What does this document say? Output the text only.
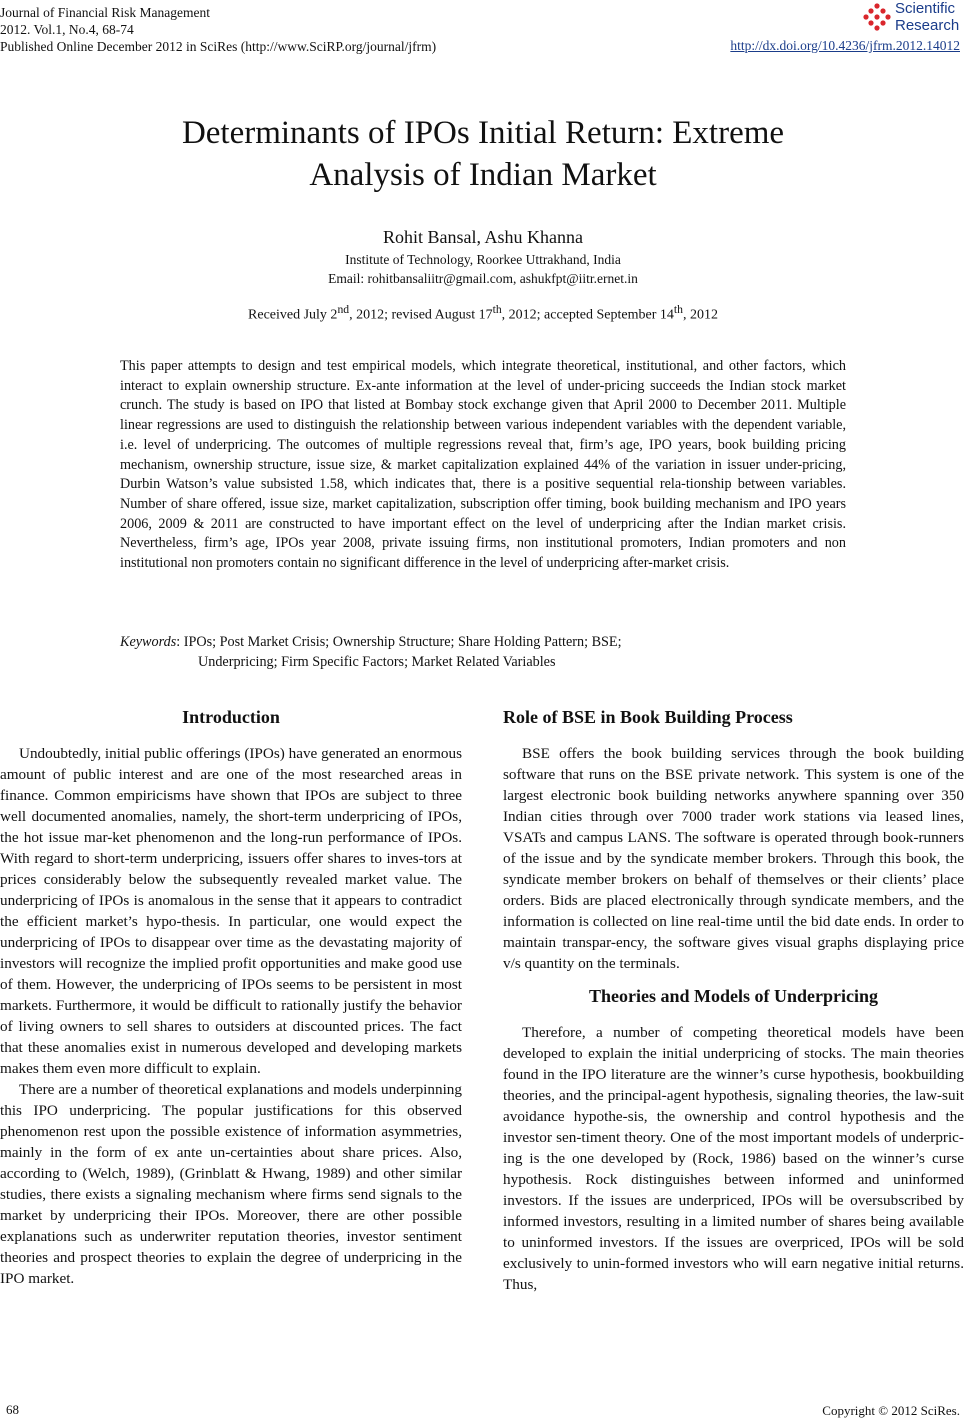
Journal of Financial Risk Management
2012. Vol.1, No.4, 68-74
Published Online December 2012 in SciRes (http://www.SciRP.org/journal/jfrm)
Scientific
Research
http://dx.doi.org/10.4236/jfrm.2012.14012
Determinants of IPOs Initial Return: Extreme
Analysis of Indian Market
Rohit Bansal, Ashu Khanna
Institute of Technology, Roorkee Uttrakhand, India
Email: rohitbansaliitr@gmail.com, ashukfpt@iitr.ernet.in
Received July 2nd, 2012; revised August 17th, 2012; accepted September 14th, 2012
This paper attempts to design and test empirical models, which integrate theoretical, institutional, and other factors, which interact to explain ownership structure. Ex-ante information at the level of under-pricing succeeds the Indian stock market crunch. The study is based on IPO that listed at Bombay stock exchange given that April 2000 to December 2011. Multiple linear regressions are used to distinguish the relationship between various independent variables with the dependent variable, i.e. level of underpricing. The outcomes of multiple regressions reveal that, firm’s age, IPO years, book building pricing mechanism, ownership structure, issue size, & market capitalization explained 44% of the variation in issuer under-pricing, Durbin Watson’s value subsisted 1.58, which indicates that, there is a positive sequential rela-tionship between variables. Number of share offered, issue size, market capitalization, subscription offer timing, book building mechanism and IPO years 2006, 2009 & 2011 are constructed to have important effect on the level of underpricing after the Indian market crisis. Nevertheless, firm’s age, IPOs year 2008, private issuing firms, non institutional promoters, Indian promoters and non institutional non promoters contain no significant difference in the level of underpricing after-market crisis.
Keywords: IPOs; Post Market Crisis; Ownership Structure; Share Holding Pattern; BSE;
Underpricing; Firm Specific Factors; Market Related Variables
Introduction

Undoubtedly, initial public offerings (IPOs) have generated an enormous amount of public interest and are one of the most researched areas in finance. Common empiricisms have shown that IPOs are subject to three well documented anomalies, namely, the short-term underpricing of IPOs, the hot issue mar-ket phenomenon and the long-run performance of IPOs. With regard to short-term underpricing, issuers offer shares to inves-tors at prices considerably below the subsequently revealed market value. The underpricing of IPOs is anomalous in the sense that it appears to contradict the efficient market’s hypo-thesis. In particular, one would expect the underpricing of IPOs to disappear over time as the devastating majority of investors will recognize the implied profit opportunities and make good use of them. However, the underpricing of IPOs seems to be persistent in most markets. Furthermore, it would be difficult to rationally justify the behavior of living owners to sell shares to outsiders at discounted prices. The fact that these anomalies exist in numerous developed and developing markets makes them even more difficult to explain.

There are a number of theoretical explanations and models underpinning this IPO underpricing. The popular justifications for this observed phenomenon rest upon the possible existence of information asymmetries, mainly in the form of ex ante un-certainties about share prices. Also, according to (Welch, 1989), (Grinblatt & Hwang, 1989) and other similar studies, there exists a signaling mechanism where firms send signals to the market by underpricing their IPOs. Moreover, there are other possible explanations such as underwriter reputation theories, investor sentiment theories and prospect theories to explain the degree of underpricing in the IPO market.

Role of BSE in Book Building Process

BSE offers the book building services through the book building software that runs on the BSE private network. This system is one of the largest electronic book building networks anywhere spanning over 350 Indian cities through over 7000 trader work stations via leased lines, VSATs and campus LANS. The software is operated through book-runners of the issue and by the syndicate member brokers. Through this book, the syndicate member brokers on behalf of themselves or their clients’ place orders. Bids are placed electronically through syndicate members, and the information is collected on line real-time until the bid date ends. In order to maintain transpar-ency, the software gives visual graphs displaying price v/s quantity on the terminals.

Theories and Models of Underpricing

Therefore, a number of competing theoretical models have been developed to explain the initial underpricing of stocks. The main theories found in the IPO literature are the winner’s curse hypothesis, bookbuilding theories, and the principal-agent hypothesis, signaling theories, the law-suit avoidance hypothe-sis, the ownership and control hypothesis and the investor sen-timent theory. One of the most important models of underpric-ing is the one developed by (Rock, 1986) based on the winner’s curse hypothesis. Rock distinguishes between informed and uninformed investors. If the issues are underpriced, IPOs will be oversubscribed by informed investors, resulting in a limited number of shares being available to uninformed investors. If the issues are overpriced, IPOs will be sold exclusively to unin-formed investors who will earn negative initial returns. Thus,

68	Copyright © 2012 SciRes.
